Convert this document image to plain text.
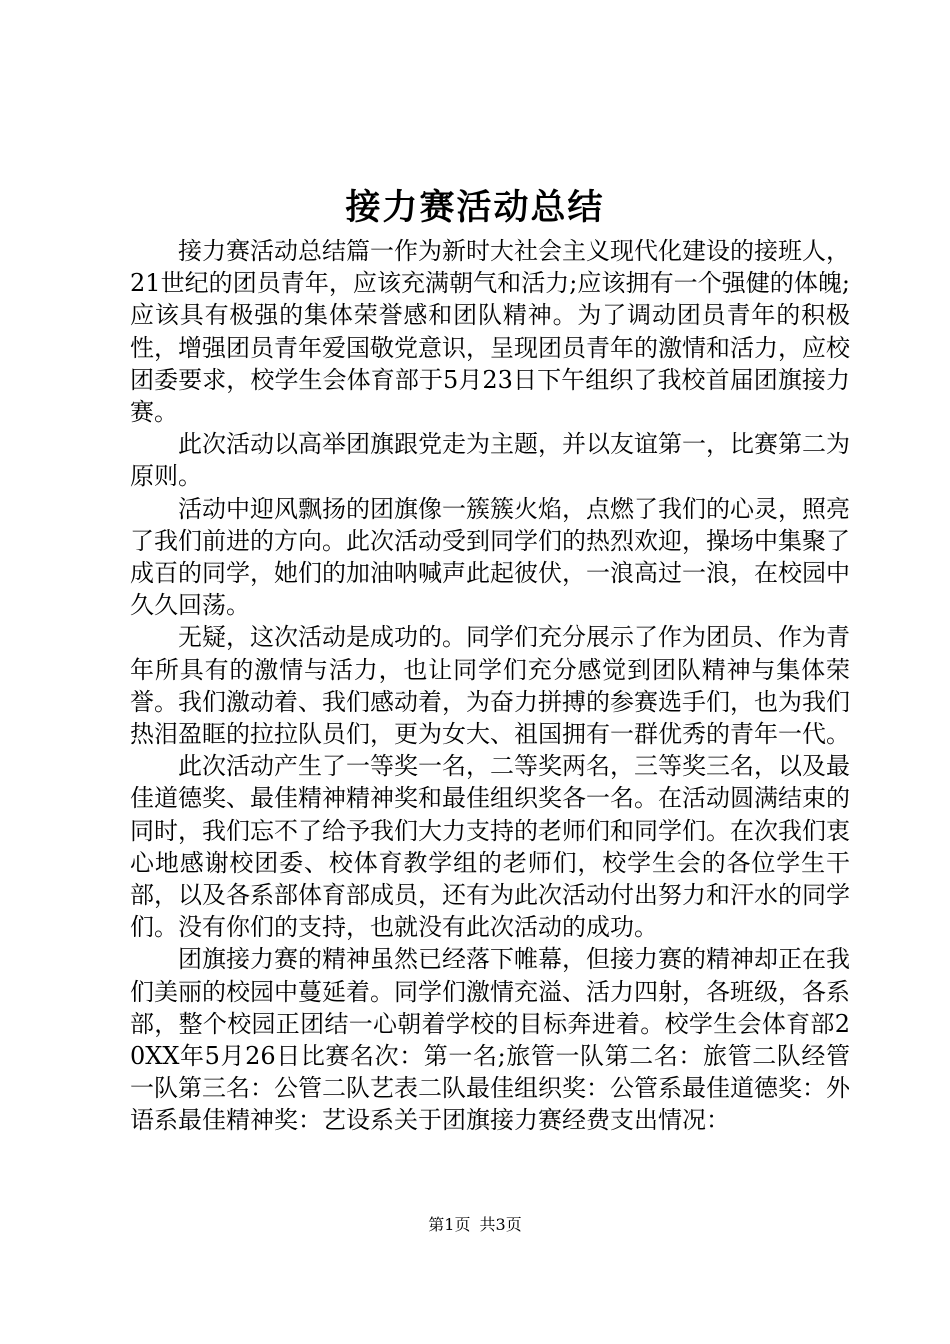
接力赛活动总结

接力赛活动总结篇一作为新时大社会主义现代化建设的接班人，21世纪的团员青年，应该充满朝气和活力;应该拥有一个强健的体魄;应该具有极强的集体荣誉感和团队精神。为了调动团员青年的积极性，增强团员青年爱国敬党意识，呈现团员青年的激情和活力，应校团委要求，校学生会体育部于5月23日下午组织了我校首届团旗接力赛。

此次活动以高举团旗跟党走为主题，并以友谊第一，比赛第二为原则。

活动中迎风飘扬的团旗像一簇簇火焰，点燃了我们的心灵，照亮了我们前进的方向。此次活动受到同学们的热烈欢迎，操场中集聚了成百的同学，她们的加油呐喊声此起彼伏，一浪高过一浪，在校园中久久回荡。

无疑，这次活动是成功的。同学们充分展示了作为团员、作为青年所具有的激情与活力，也让同学们充分感觉到团队精神与集体荣誉。我们激动着、我们感动着，为奋力拼搏的参赛选手们，也为我们热泪盈眶的拉拉队员们，更为女大、祖国拥有一群优秀的青年一代。

此次活动产生了一等奖一名，二等奖两名，三等奖三名，以及最佳道德奖、最佳精神精神奖和最佳组织奖各一名。在活动圆满结束的同时，我们忘不了给予我们大力支持的老师们和同学们。在次我们衷心地感谢校团委、校体育教学组的老师们，校学生会的各位学生干部，以及各系部体育部成员，还有为此次活动付出努力和汗水的同学们。没有你们的支持，也就没有此次活动的成功。

团旗接力赛的精神虽然已经落下帷幕，但接力赛的精神却正在我们美丽的校园中蔓延着。同学们激情充溢、活力四射，各班级，各系部，整个校园正团结一心朝着学校的目标奔进着。校学生会体育部20XX年5月26日比赛名次：第一名;旅管一队第二名：旅管二队经管一队第三名：公管二队艺表二队最佳组织奖：公管系最佳道德奖：外语系最佳精神奖：艺设系关于团旗接力赛经费支出情况：

第1页 共3页
